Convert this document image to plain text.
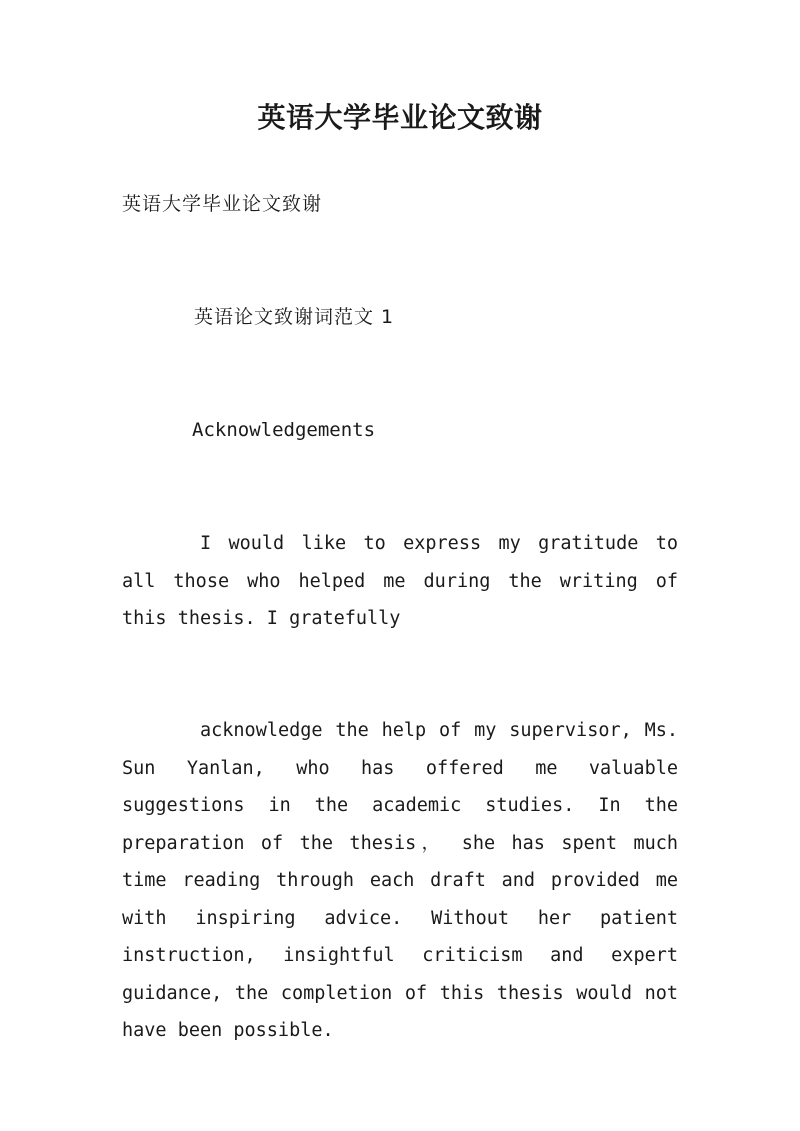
英语大学毕业论文致谢
英语大学毕业论文致谢
英语论文致谢词范文 1
Acknowledgements

I would like to express my gratitude to all those who helped me during the writing of this thesis. I gratefully

acknowledge the help of my supervisor, Ms. Sun Yanlan, who has offered me valuable suggestions in the academic studies. In the preparation of the thesis， she has spent much time reading through each draft and provided me with inspiring advice. Without her patient instruction, insightful criticism and expert guidance, the completion of this thesis would not have been possible.
